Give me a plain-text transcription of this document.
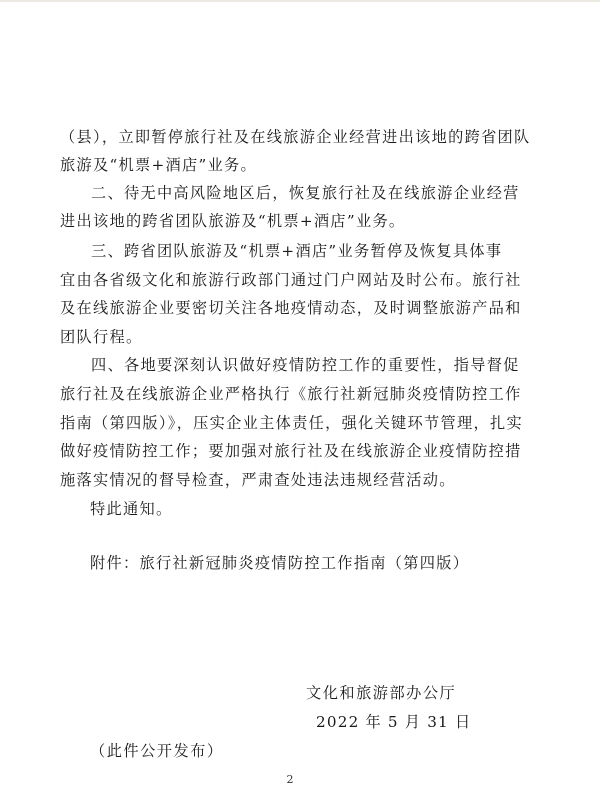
（县），立即暂停旅行社及在线旅游企业经营进出该地的跨省团队
旅游及“机票+酒店”业务。
二、待无中高风险地区后，恢复旅行社及在线旅游企业经营
进出该地的跨省团队旅游及“机票+酒店”业务。
三、跨省团队旅游及“机票+酒店”业务暂停及恢复具体事
宜由各省级文化和旅游行政部门通过门户网站及时公布。旅行社
及在线旅游企业要密切关注各地疫情动态，及时调整旅游产品和
团队行程。
四、各地要深刻认识做好疫情防控工作的重要性，指导督促
旅行社及在线旅游企业严格执行《旅行社新冠肺炎疫情防控工作
指南（第四版）》，压实企业主体责任，强化关键环节管理，扎实
做好疫情防控工作；要加强对旅行社及在线旅游企业疫情防控措
施落实情况的督导检查，严肃查处违法违规经营活动。
特此通知。
附件：旅行社新冠肺炎疫情防控工作指南（第四版）
文化和旅游部办公厅
2022 年 5 月 31 日
（此件公开发布）
2
